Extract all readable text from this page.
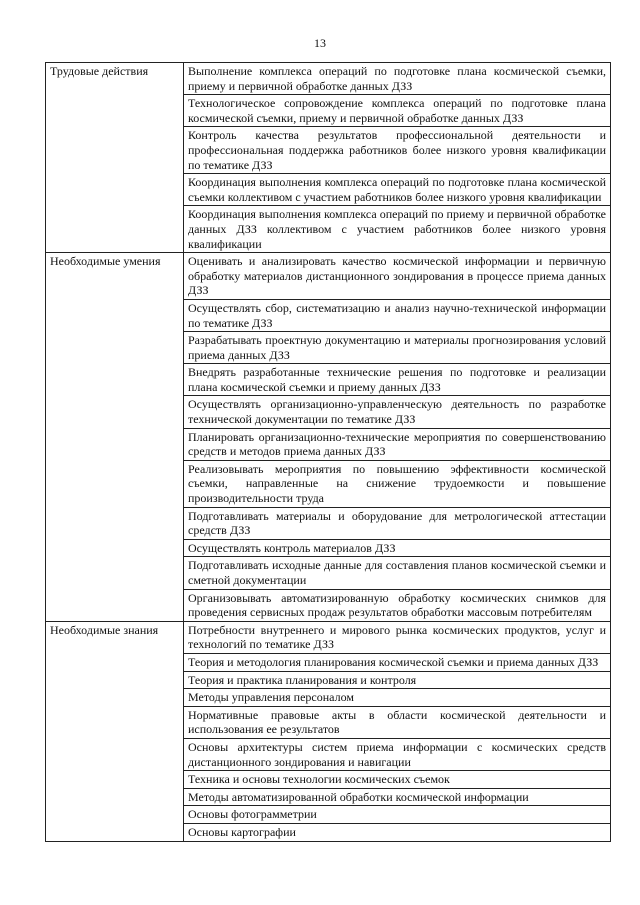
13
Трудовые действия	Выполнение комплекса операций по подготовке плана космической съемки, приему и первичной обработке данных ДЗЗ
	Технологическое сопровождение комплекса операций по подготовке плана космической съемки, приему и первичной обработке данных ДЗЗ
	Контроль качества результатов профессиональной деятельности и профессиональная поддержка работников более низкого уровня квалификации по тематике ДЗЗ
	Координация выполнения комплекса операций по подготовке плана космической съемки коллективом с участием работников более низкого уровня квалификации
	Координация выполнения комплекса операций по приему и первичной обработке данных ДЗЗ коллективом с участием работников более низкого уровня квалификации
Необходимые умения	Оценивать и анализировать качество космической информации и первичную обработку материалов дистанционного зондирования в процессе приема данных ДЗЗ
	Осуществлять сбор, систематизацию и анализ научно-технической информации по тематике ДЗЗ
	Разрабатывать проектную документацию и материалы прогнозирования условий приема данных ДЗЗ
	Внедрять разработанные технические решения по подготовке и реализации плана космической съемки и приему данных ДЗЗ
	Осуществлять организационно-управленческую деятельность по разработке технической документации по тематике ДЗЗ
	Планировать организационно-технические мероприятия по совершенствованию средств и методов приема данных ДЗЗ
	Реализовывать мероприятия по повышению эффективности космической съемки, направленные на снижение трудоемкости и повышение производительности труда
	Подготавливать материалы и оборудование для метрологической аттестации средств ДЗЗ
	Осуществлять контроль материалов ДЗЗ
	Подготавливать исходные данные для составления планов космической съемки и сметной документации
	Организовывать автоматизированную обработку космических снимков для проведения сервисных продаж результатов обработки массовым потребителям
Необходимые знания	Потребности внутреннего и мирового рынка космических продуктов, услуг и технологий по тематике ДЗЗ
	Теория и методология планирования космической съемки и приема данных ДЗЗ
	Теория и практика планирования и контроля
	Методы управления персоналом
	Нормативные правовые акты в области космической деятельности и использования ее результатов
	Основы архитектуры систем приема информации с космических средств дистанционного зондирования и навигации
	Техника и основы технологии космических съемок
	Методы автоматизированной обработки космической информации
	Основы фотограмметрии
	Основы картографии
